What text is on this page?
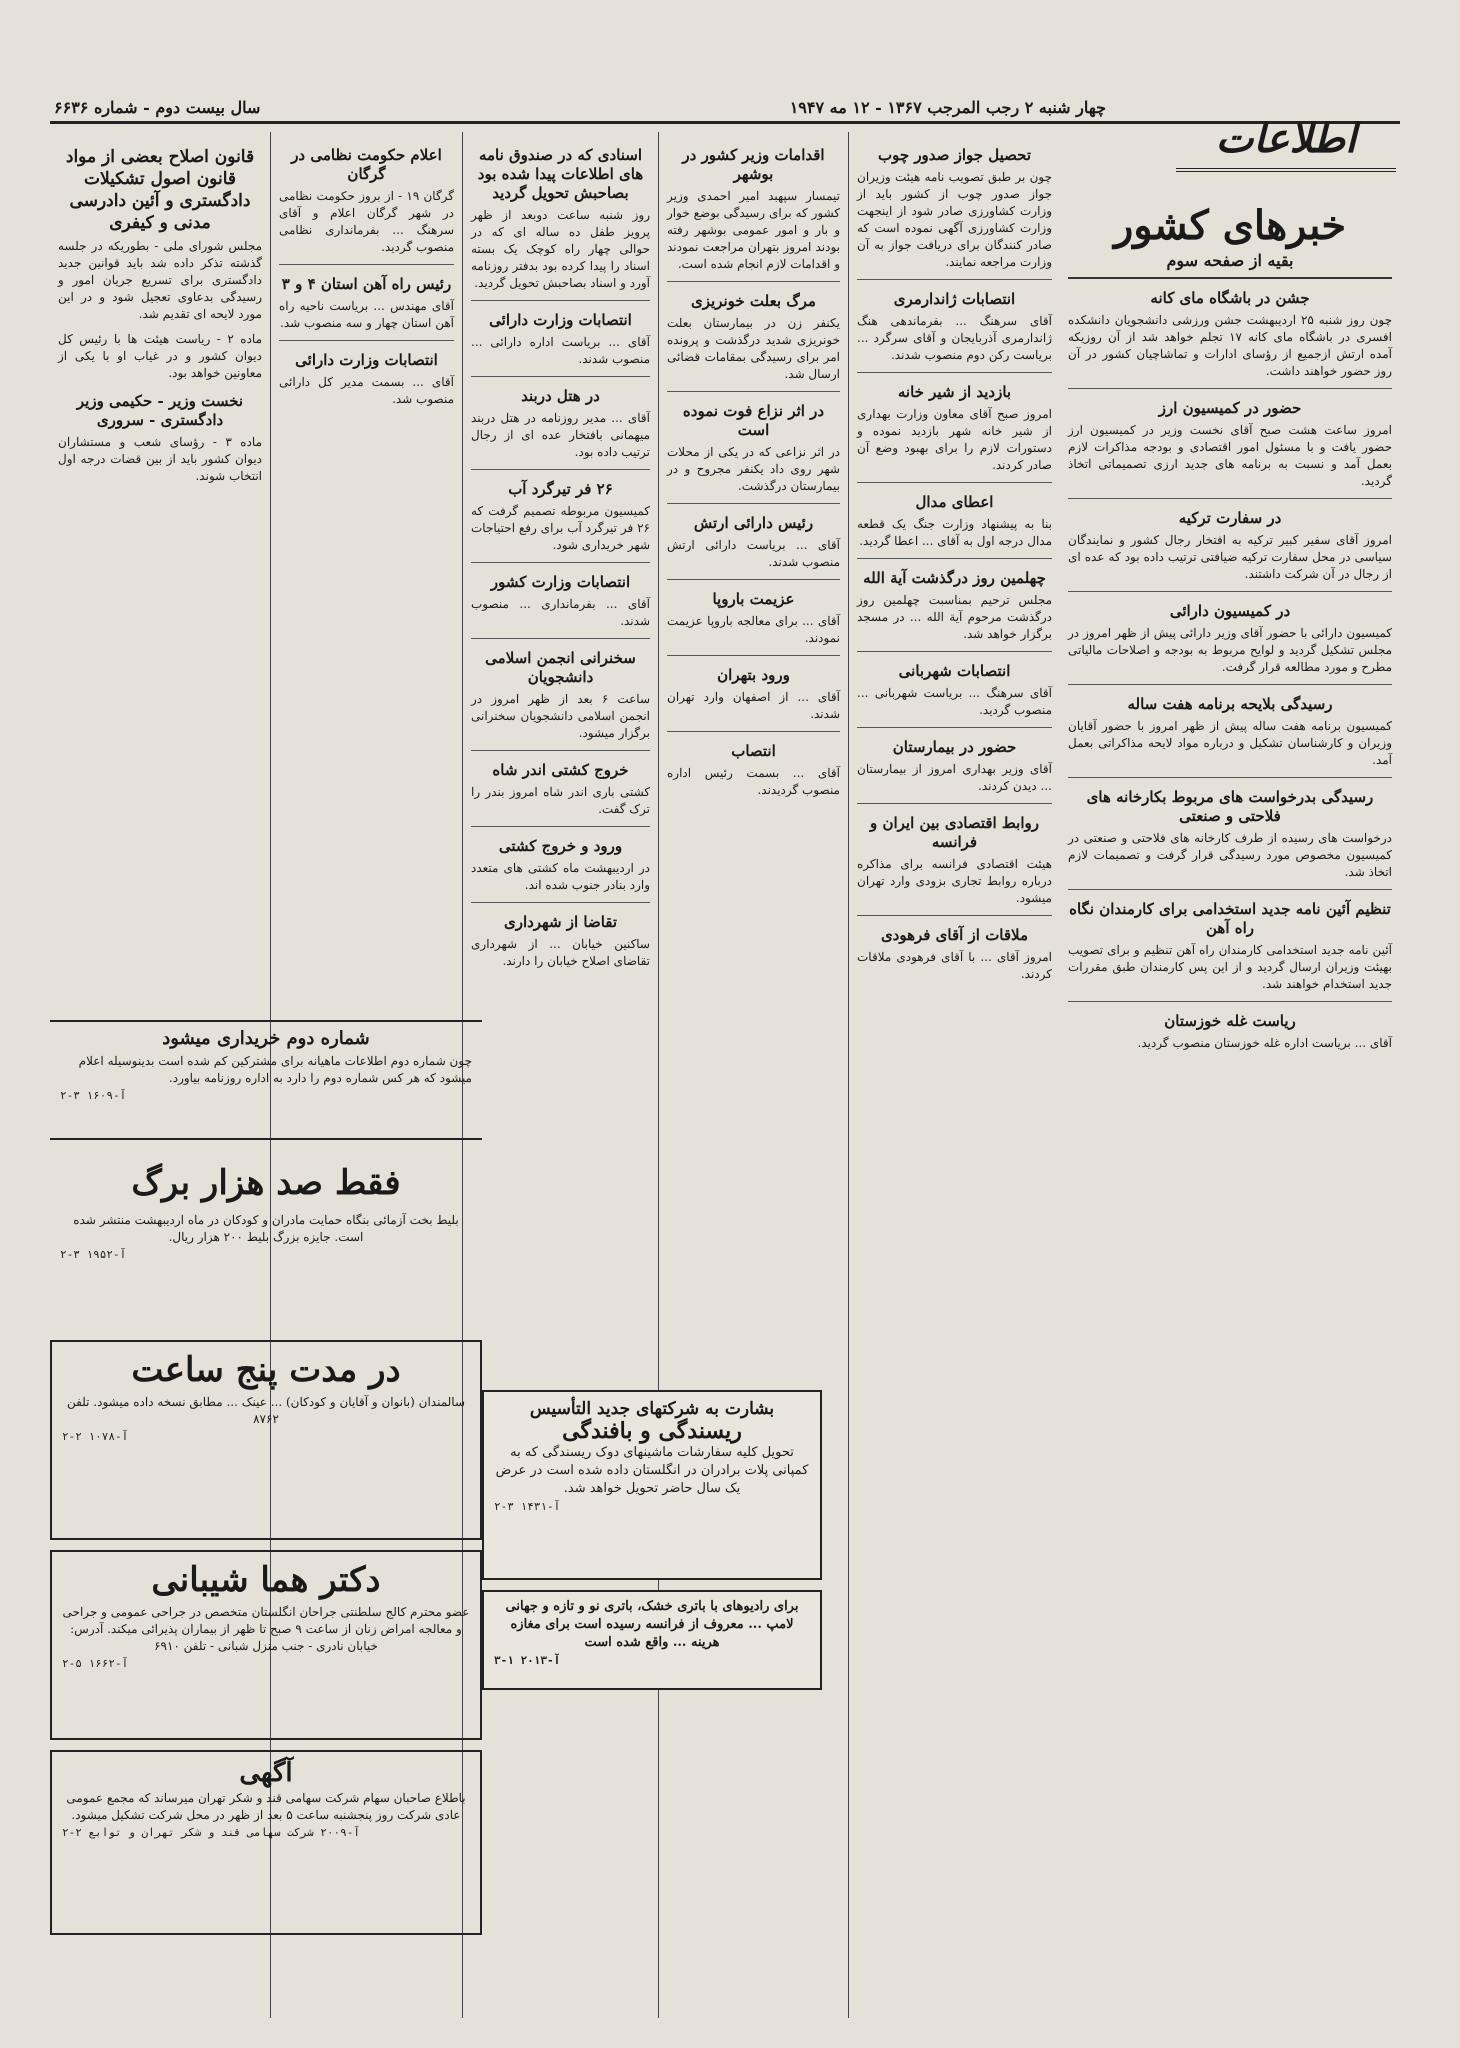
چهار شنبه ۲ رجب المرجب ۱۳۶۷ - ۱۲ مه ۱۹۴۷
سال بیست دوم - شماره ۶۶۳۶
اطلاعات
خبرهای کشور
بقیه از صفحه سوم
جشن در باشگاه مای کانه

چون روز شنبه ۲۵ اردیبهشت جشن ورزشی دانشجویان دانشکده افسری در باشگاه مای کانه ۱۷ تجلم خواهد شد از آن روزیکه آمده ارتش ازجمیع از رؤسای ادارات و تماشاچیان کشور در آن روز حضور خواهند داشت.

حضور در کمیسیون ارز

امروز ساعت هشت صبح آقای نخست وزیر در کمیسیون ارز حضور یافت و با مسئول امور اقتصادی و بودجه مذاکرات لازم بعمل آمد و نسبت به برنامه های جدید ارزی تصمیماتی اتخاذ گردید.

در سفارت ترکیه

امروز آقای سفیر کبیر ترکیه به افتخار رجال کشور و نمایندگان سیاسی در محل سفارت ترکیه ضیافتی ترتیب داده بود که عده ای از رجال در آن شرکت داشتند.

در کمیسیون دارائی

کمیسیون دارائی با حضور آقای وزیر دارائی پیش از ظهر امروز در مجلس تشکیل گردید و لوایح مربوط به بودجه و اصلاحات مالیاتی مطرح و مورد مطالعه قرار گرفت.

رسیدگی بلایحه برنامه هفت ساله

کمیسیون برنامه هفت ساله پیش از ظهر امروز با حضور آقایان وزیران و کارشناسان تشکیل و درباره مواد لایحه مذاکراتی بعمل آمد.

رسیدگی بدرخواست های مربوط بکارخانه های فلاحتی و صنعتی

درخواست های رسیده از طرف کارخانه های فلاحتی و صنعتی در کمیسیون مخصوص مورد رسیدگی قرار گرفت و تصمیمات لازم اتخاذ شد.

تنظیم آئین نامه جدید استخدامی برای کارمندان نگاه راه آهن

آئین نامه جدید استخدامی کارمندان راه آهن تنظیم و برای تصویب بهیئت وزیران ارسال گردید و از این پس کارمندان طبق مقررات جدید استخدام خواهند شد.

ریاست غله خوزستان

آقای ... بریاست اداره غله خوزستان منصوب گردید.

تحصیل جواز صدور چوب

چون بر طبق تصویب نامه هیئت وزیران جواز صدور چوب از کشور باید از وزارت کشاورزی صادر شود از اینجهت وزارت کشاورزی آگهی نموده است که صادر کنندگان برای دریافت جواز به آن وزارت مراجعه نمایند.

انتصابات ژاندارمری

آقای سرهنگ ... بفرماندهی هنگ ژاندارمری آذربایجان و آقای سرگرد ... بریاست رکن دوم منصوب شدند.

بازدید از شیر خانه

امروز صبح آقای معاون وزارت بهداری از شیر خانه شهر بازدید نموده و دستورات لازم را برای بهبود وضع آن صادر کردند.

اعطای مدال

بنا به پیشنهاد وزارت جنگ یک قطعه مدال درجه اول به آقای ... اعطا گردید.

چهلمین روز درگذشت آیة الله

مجلس ترحیم بمناسبت چهلمین روز درگذشت مرحوم آیة الله ... در مسجد برگزار خواهد شد.

انتصابات شهربانی

آقای سرهنگ ... بریاست شهربانی ... منصوب گردید.

حضور در بیمارستان

آقای وزیر بهداری امروز از بیمارستان ... دیدن کردند.

روابط اقتصادی بین ایران و فرانسه

هیئت اقتصادی فرانسه برای مذاکره درباره روابط تجاری بزودی وارد تهران میشود.

ملاقات از آقای فرهودی

امروز آقای ... با آقای فرهودی ملاقات کردند.

اقدامات وزیر کشور در بوشهر

تیمسار سپهبد امیر احمدی وزیر کشور که برای رسیدگی بوضع خوار و بار و امور عمومی بوشهر رفته بودند امروز بتهران مراجعت نمودند و اقدامات لازم انجام شده است.

مرگ بعلت خونریزی

یکنفر زن در بیمارستان بعلت خونریزی شدید درگذشت و پرونده امر برای رسیدگی بمقامات قضائی ارسال شد.

در اثر نزاع فوت نموده است

در اثر نزاعی که در یکی از محلات شهر روی داد یکنفر مجروح و در بیمارستان درگذشت.

رئیس دارائی ارتش

آقای ... بریاست دارائی ارتش منصوب شدند.

عزیمت باروپا

آقای ... برای معالجه باروپا عزیمت نمودند.

ورود بتهران

آقای ... از اصفهان وارد تهران شدند.

انتصاب

آقای ... بسمت رئیس اداره منصوب گردیدند.

اسنادی که در صندوق نامه های اطلاعات پیدا شده بود بصاحبش تحویل گردید

روز شنبه ساعت دوبعد از ظهر پرویز طفل ده ساله ای که در حوالی چهار راه کوچک یک بسته اسناد را پیدا کرده بود بدفتر روزنامه آورد و اسناد بصاحبش تحویل گردید.

انتصابات وزارت دارائی

آقای ... بریاست اداره دارائی ... منصوب شدند.

در هتل دربند

آقای ... مدیر روزنامه در هتل دربند میهمانی بافتخار عده ای از رجال ترتیب داده بود.

۲۶ فر تیرگرد آب

کمیسیون مربوطه تصمیم گرفت که ۲۶ فر تیرگرد آب برای رفع احتیاجات شهر خریداری شود.

انتصابات وزارت کشور

آقای ... بفرمانداری ... منصوب شدند.

سخنرانی انجمن اسلامی دانشجویان

ساعت ۶ بعد از ظهر امروز در انجمن اسلامی دانشجویان سخنرانی برگزار میشود.

خروج کشتی اندر شاه

کشتی باری اندر شاه امروز بندر را ترک گفت.

ورود و خروج کشتی

در اردیبهشت ماه کشتی های متعدد وارد بنادر جنوب شده اند.

تقاضا از شهرداری

ساکنین خیابان ... از شهرداری تقاضای اصلاح خیابان را دارند.

اعلام حکومت نظامی در گرگان

گرگان ۱۹ - از بروز حکومت نظامی در شهر گرگان اعلام و آقای سرهنگ ... بفرمانداری نظامی منصوب گردید.

رئیس راه آهن استان ۴ و ۳

آقای مهندس ... بریاست ناحیه راه آهن استان چهار و سه منصوب شد.

انتصابات وزارت دارائی

آقای ... بسمت مدیر کل دارائی منصوب شد.

قانون اصلاح بعضی از مواد قانون اصول تشکیلات دادگستری و آئین دادرسی مدنی و کیفری

مجلس شورای ملی - بطوریکه در جلسه گذشته تذکر داده شد باید قوانین جدید دادگستری برای تسریع جریان امور و رسیدگی بدعاوی تعجیل شود و در این مورد لایحه ای تقدیم شد.

ماده ۲ - ریاست هیئت ها با رئیس کل دیوان کشور و در غیاب او با یکی از معاونین خواهد بود.

نخست وزیر - حکیمی وزیر دادگستری - سروری

ماده ۳ - رؤسای شعب و مستشاران دیوان کشور باید از بین قضات درجه اول انتخاب شوند.

شماره دوم خریداری میشود
چون شماره دوم اطلاعات ماهیانه برای مشترکین کم شده است بدینوسیله اعلام میشود که هر کس شماره دوم را دارد به اداره روزنامه بیاورد.
۲-۳ آ-۱۶۰۹
فقط صد هزار برگ
بلیط بخت آزمائی بنگاه حمایت مادران و کودکان در ماه اردیبهشت منتشر شده است. جایزه بزرگ بلیط ۲۰۰ هزار ریال.
۲-۳ آ-۱۹۵۲
در مدت پنج ساعت
سالمندان (بانوان و آقایان و کودکان) ... عینک ... مطابق نسخه داده میشود. تلفن ۸۷۶۲
۲-۲ آ-۱۰۷۸
دکتر هما شیبانی
عضو محترم کالج سلطنتی جراحان انگلستان متخصص در جراحی عمومی و جراحی و معالجه امراض زنان از ساعت ۹ صبح تا ظهر از بیماران پذیرائی میکند. آدرس: خیابان نادری - جنب منزل شبانی - تلفن ۶۹۱۰
۲-۵ آ-۱۶۶۲
آگهی
باطلاع صاحبان سهام شرکت سهامی قند و شکر تهران میرساند که مجمع عمومی عادی شرکت روز پنجشنبه ساعت ۵ بعد از ظهر در محل شرکت تشکیل میشود.
۲-۲ آ-۲۰۰۹ شرکت سهامی قند و شکر تهران و توابع
بشارت به شرکتهای جدید التأسیس
ریسندگی و بافندگی
تحویل کلیه سفارشات ماشینهای دوک ریسندگی که به کمپانی پلات برادران در انگلستان داده شده است در عرض یک سال حاضر تحویل خواهد شد.
۲-۳ آ-۱۴۳۱
برای رادیوهای با باتری خشک، باتری نو و تازه و جهانی لامپ ... معروف از فرانسه رسیده است برای مغازه هرینه ... واقع شده است
آ-۲۰۱۳ ۱-۳
